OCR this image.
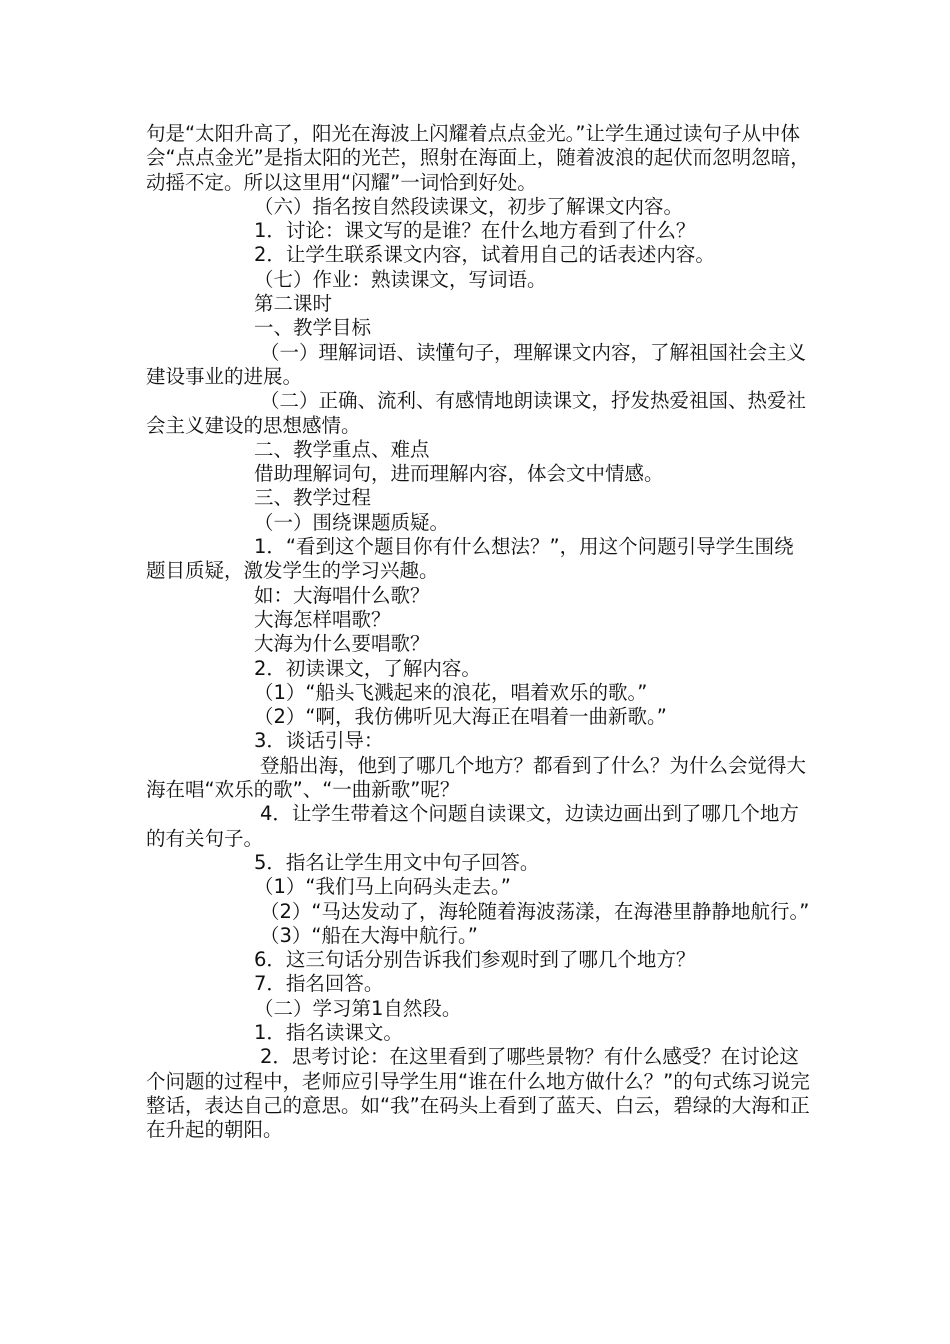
句是“太阳升高了，阳光在海波上闪耀着点点金光。”让学生通过读句子从中体会“点点金光”是指太阳的光芒，照射在海面上，随着波浪的起伏而忽明忽暗，动摇不定。所以这里用“闪耀”一词恰到好处。

（六）指名按自然段读课文，初步了解课文内容。

1．讨论：课文写的是谁？在什么地方看到了什么？

2．让学生联系课文内容，试着用自己的话表述内容。

（七）作业：熟读课文，写词语。

第二课时

一、教学目标

（一）理解词语、读懂句子，理解课文内容，了解祖国社会主义建设事业的进展。

（二）正确、流利、有感情地朗读课文，抒发热爱祖国、热爱社会主义建设的思想感情。

二、教学重点、难点

借助理解词句，进而理解内容，体会文中情感。

三、教学过程

（一）围绕课题质疑。

1．“看到这个题目你有什么想法？”，用这个问题引导学生围绕题目质疑，激发学生的学习兴趣。

如：大海唱什么歌？

大海怎样唱歌？

大海为什么要唱歌？

2．初读课文，了解内容。

（1）“船头飞溅起来的浪花，唱着欢乐的歌。”

（2）“啊，我仿佛听见大海正在唱着一曲新歌。”

3．谈话引导：

登船出海，他到了哪几个地方？都看到了什么？为什么会觉得大海在唱“欢乐的歌”、“一曲新歌”呢？

4．让学生带着这个问题自读课文，边读边画出到了哪几个地方的有关句子。

5．指名让学生用文中句子回答。

（1）“我们马上向码头走去。”

（2）“马达发动了，海轮随着海波荡漾，在海港里静静地航行。”

（3）“船在大海中航行。”

6．这三句话分别告诉我们参观时到了哪几个地方？

7．指名回答。

（二）学习第1自然段。

1．指名读课文。

2．思考讨论：在这里看到了哪些景物？有什么感受？在讨论这个问题的过程中，老师应引导学生用“谁在什么地方做什么？”的句式练习说完整话，表达自己的意思。如“我”在码头上看到了蓝天、白云，碧绿的大海和正在升起的朝阳。
